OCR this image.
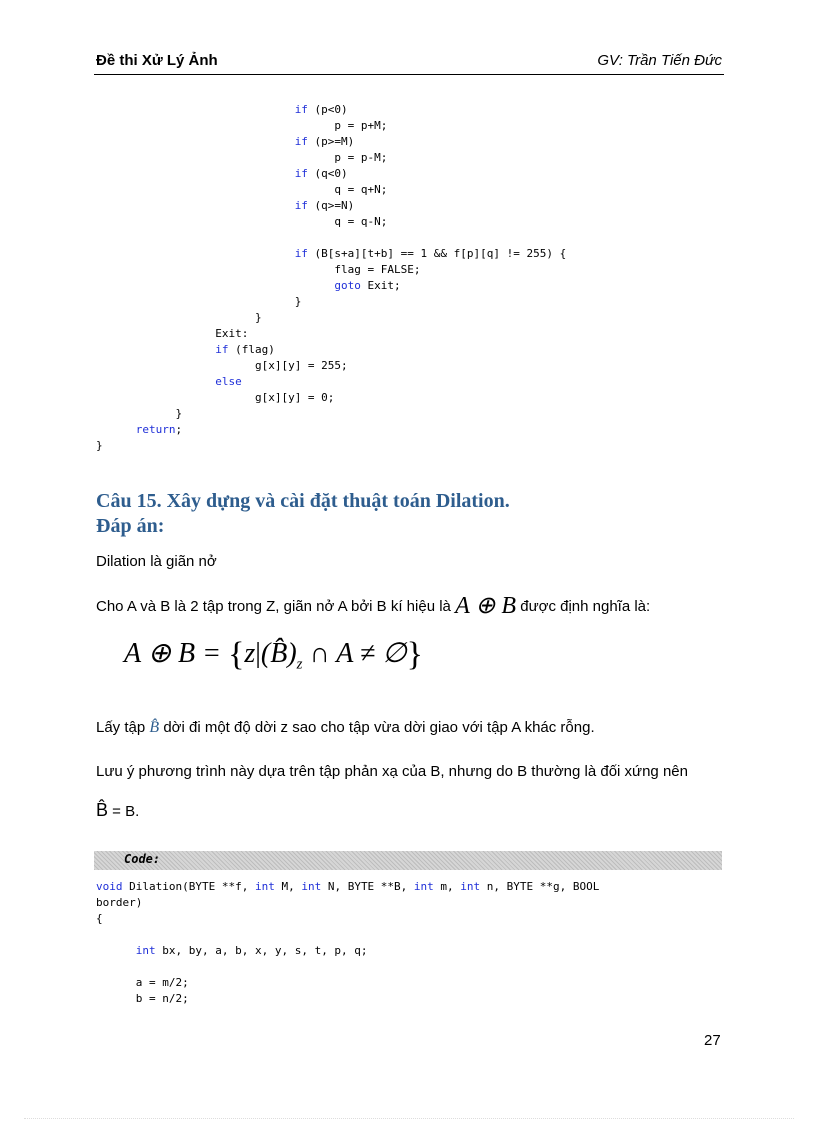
Đề thi Xử Lý Ảnh	GV: Trần Tiến Đức
if (p<0)
p = p+M;
if (p>=M)
p = p-M;
if (q<0)
q = q+N;
if (q>=N)
q = q-N;

if (B[s+a][t+b] == 1 && f[p][q] != 255) {
flag = FALSE;
goto Exit;
}
}
Exit:
if (flag)
g[x][y] = 255;
else
g[x][y] = 0;
}
return;
}
Câu 15. Xây dựng và cài đặt thuật toán Dilation.
Đáp án:
Dilation là giãn nở
Cho A và B là 2 tập trong Z, giãn nở A bởi B kí hiệu là A ⊕ B được định nghĩa là:
A ⊕ $B = \{z|(B̂)_z$ ∩ A ≠ ∅}
Lấy tập B̂ dời đi một độ dời z sao cho tập vừa dời giao với tập A khác rỗng.
Lưu ý phương trình này dựa trên tập phản xạ của B, nhưng do B thường là đối xứng nên
B̂ = B.
Code:
void Dilation(BYTE **f, int M, int N, BYTE **B, int m, int n, BYTE **g, BOOL
border)
{

int bx, by, a, b, x, y, s, t, p, q;

a = m/2;
b = n/2;
27
